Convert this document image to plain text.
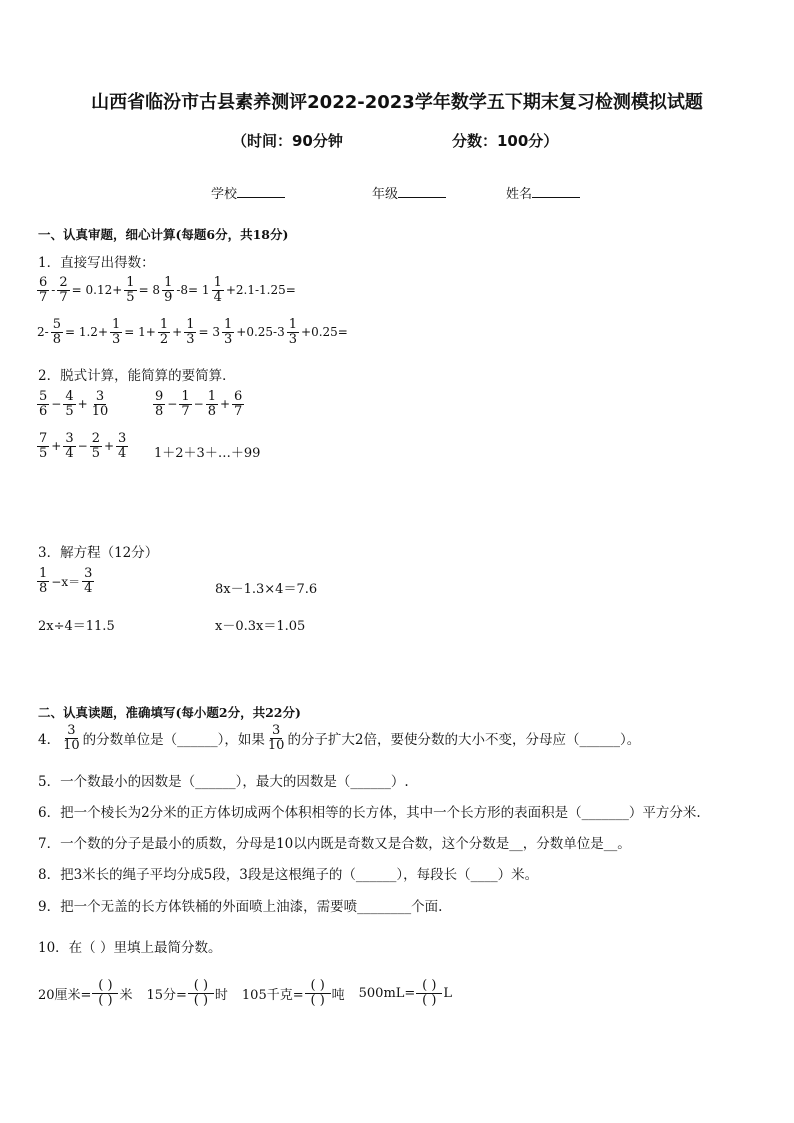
山西省临汾市古县素养测评2022-2023学年数学五下期末复习检测模拟试题
（时间：90分钟	分数：100分）
学校	年级	姓名
一、认真审题，细心计算(每题6分，共18分)
1．直接写出得数：
$\frac{6}{7} - \frac{2}{7} = 0.12+ \frac{1}{5} = 8 \frac{1}{9} -8= 1 \frac{1}{4} +2.1-1.25=$
$2- \frac{5}{8} = 1.2+ \frac{1}{3} = 1+ \frac{1}{2} + \frac{1}{3} = 3 \frac{1}{3} +0.25-3 \frac{1}{3} +0.25=$
2．脱式计算，能简算的要简算．
$\frac{5}{6} - \frac{4}{5} + \frac{3}{10}$	$\frac{9}{8} - \frac{1}{7} - \frac{1}{8} + \frac{6}{7}$
$\frac{7}{5} + \frac{3}{4} - \frac{2}{5} + \frac{3}{4}$ 1＋2＋3＋…＋99
3．解方程（12分）
$\frac{1}{8} -x= \frac{3}{4}$	8x－1.3×4＝7.6
2x÷4＝11.5	x－0.3x＝1.05
二、认真读题，准确填写(每小题2分，共22分)
4． $\frac{3}{10}$ 的分数单位是（______），如果 $\frac{3}{10}$ 的分子扩大2倍，要使分数的大小不变，分母应（______）。
5．一个数最小的因数是（______），最大的因数是（______）.
6．把一个棱长为2分米的正方体切成两个体积相等的长方体，其中一个长方形的表面积是（_______）平方分米.
7．一个数的分子是最小的质数，分母是10以内既是奇数又是合数，这个分数是__，分数单位是__。
8．把3米长的绳子平均分成5段，3段是这根绳子的（______），每段长（____）米。
9．把一个无盖的长方体铁桶的外面喷上油漆，需要喷________个面.
10．在（ ）里填上最简分数。
20厘米= $\frac{( )}{( )}$ 米 15分= $\frac{( )}{( )}$ 时 105千克= $\frac{( )}{( )}$ 吨 $500mL= \frac{( )}{( )}$ L
